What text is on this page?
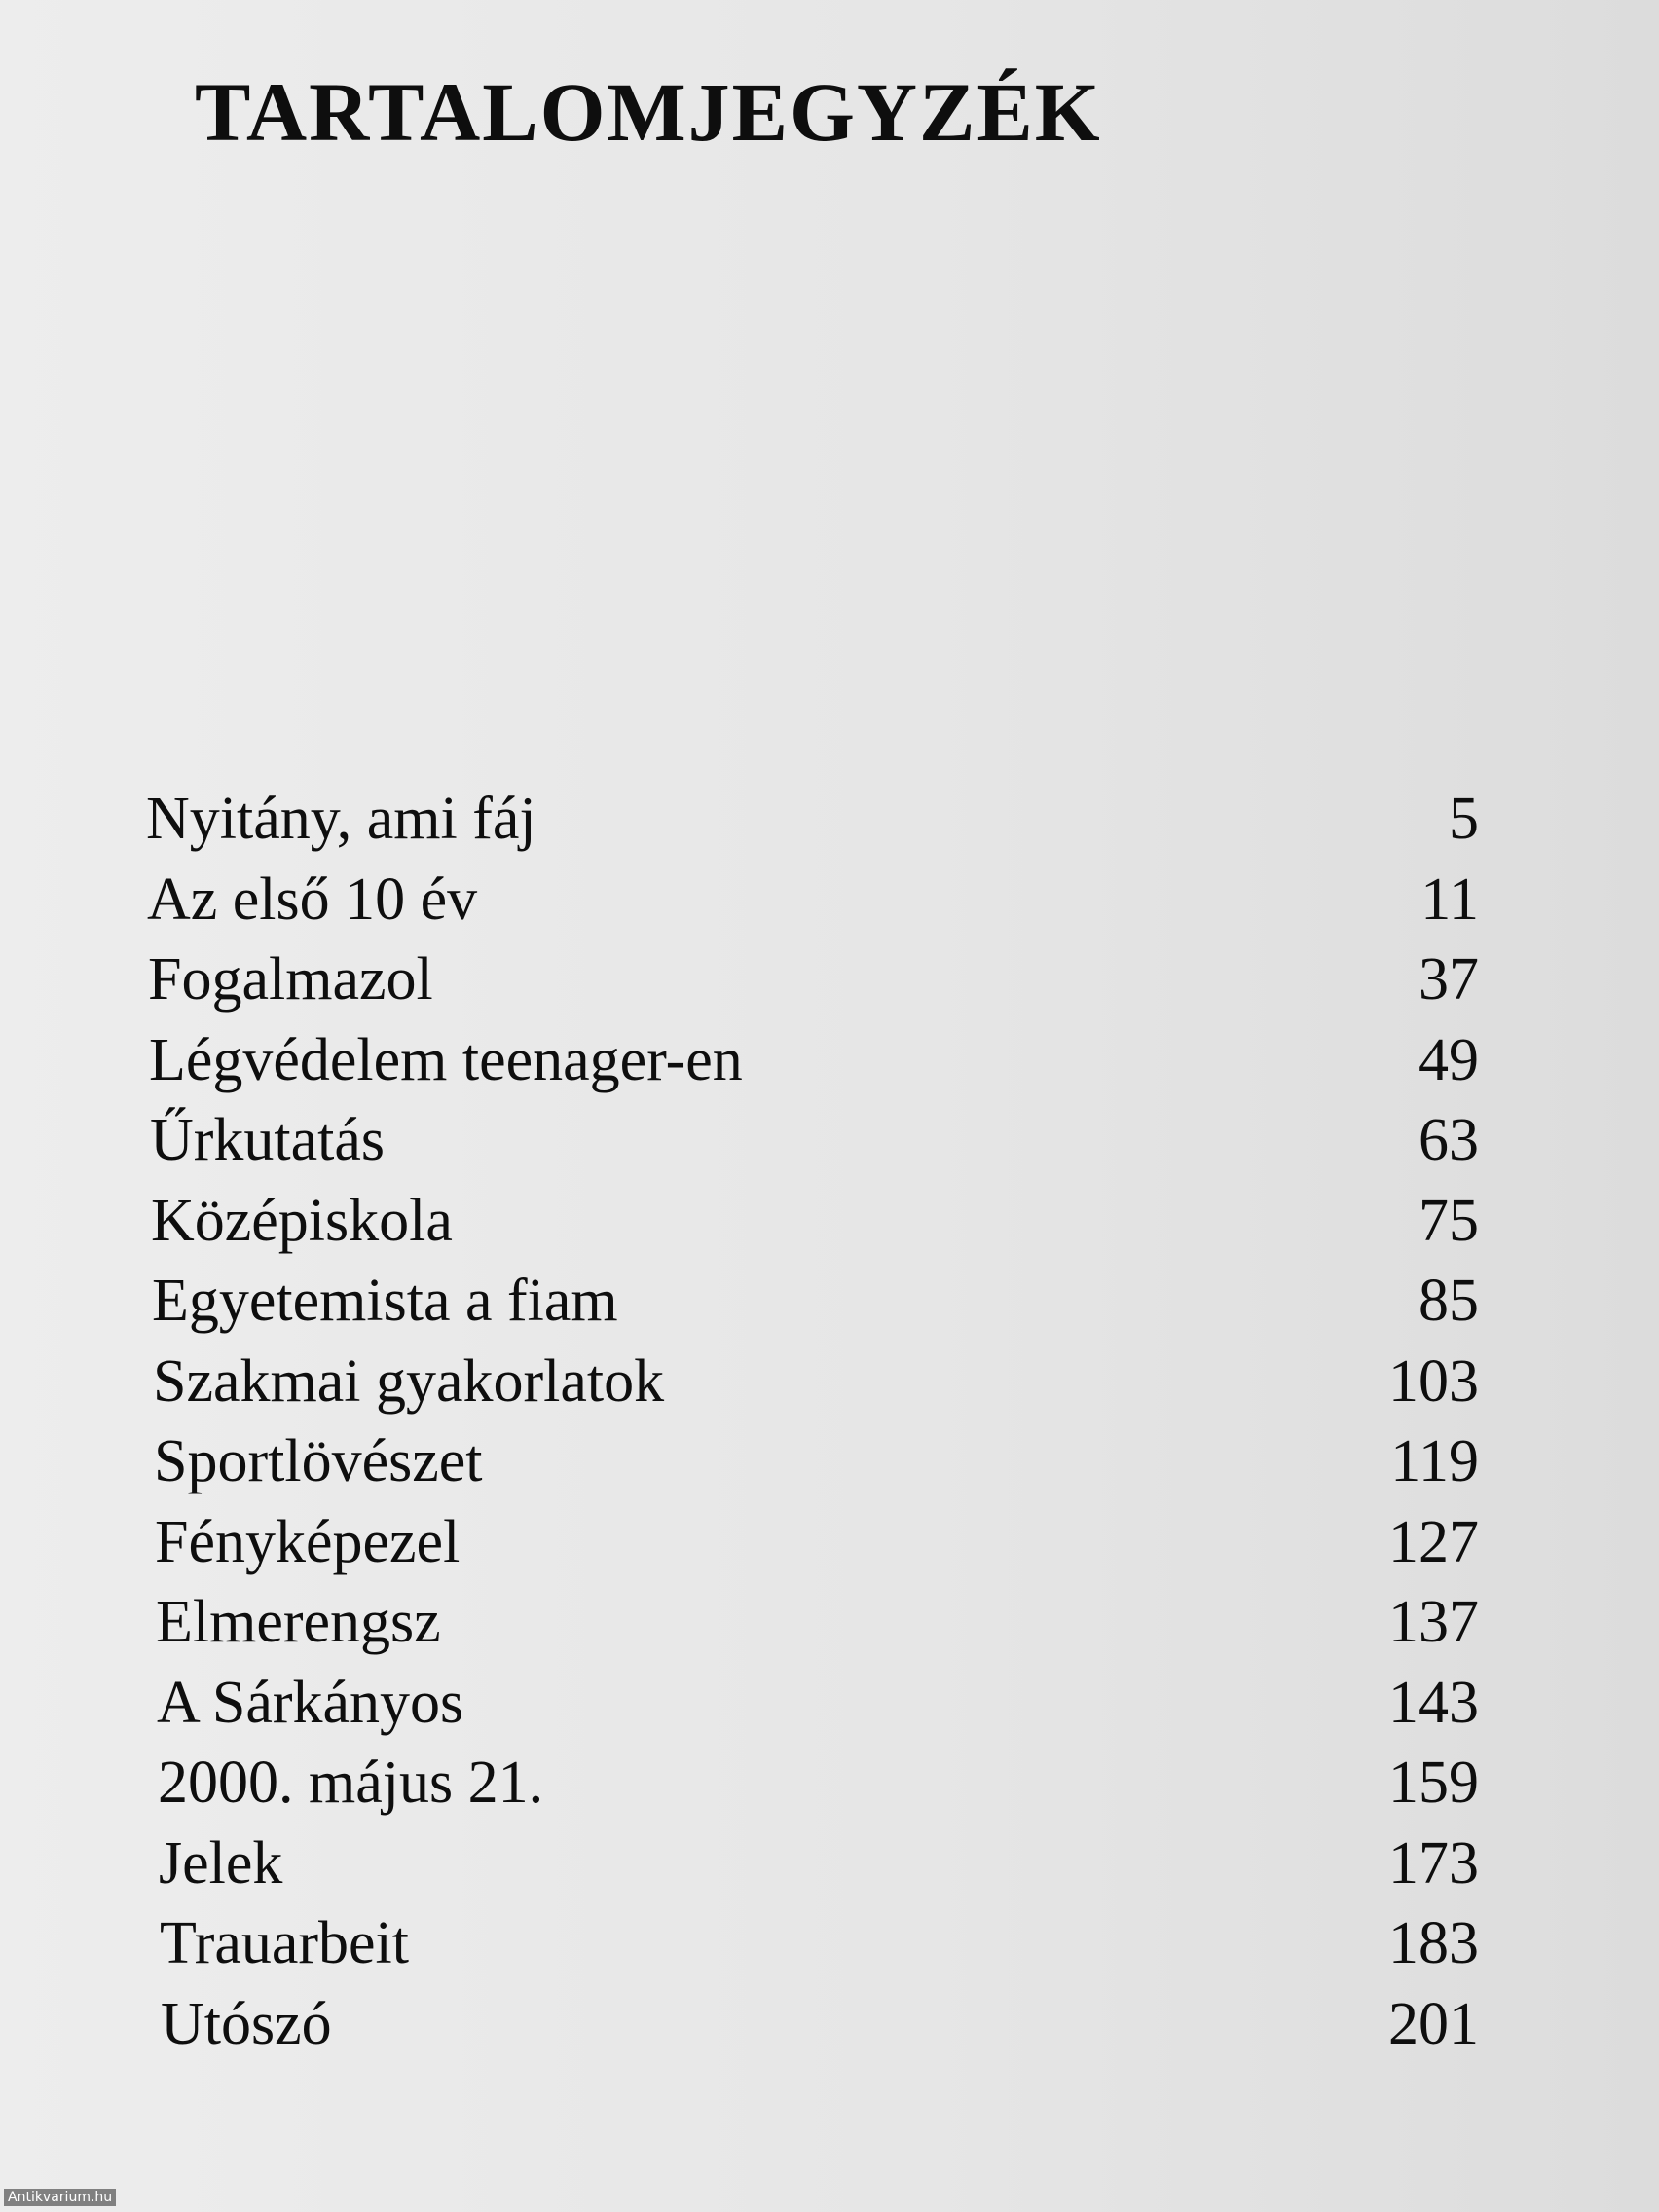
TARTALOMJEGYZÉK
Nyitány, ami fáj	5
Az első 10 év	11
Fogalmazol	37
Légvédelem teenager-en	49
Űrkutatás	63
Középiskola	75
Egyetemista a fiam	85
Szakmai gyakorlatok	103
Sportlövészet	119
Fényképezel	127
Elmerengsz	137
A Sárkányos	143
2000. május 21.	159
Jelek	173
Trauarbeit	183
Utószó	201
Antikvarium.hu
